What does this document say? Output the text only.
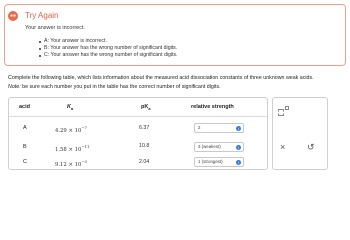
●● Try Again
Your answer is incorrect.
A: Your answer is incorrect.
B: Your answer has the wrong number of significant digits.
C: Your answer has the wrong number of significant digits.
Complete the following table, which lists information about the measured acid dissociation constants of three unknown weak acids.
Note: be sure each number you put in the table has the correct number of significant digits.
acid	$K_a$	$pK_a$	relative strength
A	$4.29 \times 10^{-7}$	6.37	2	i
B	$1.58 \times 10^{-11}$	10.8	3 (weakest)	i
C	$9.12 \times 10^{-3}$	2.04	1 (strongest)	i
× ↺
